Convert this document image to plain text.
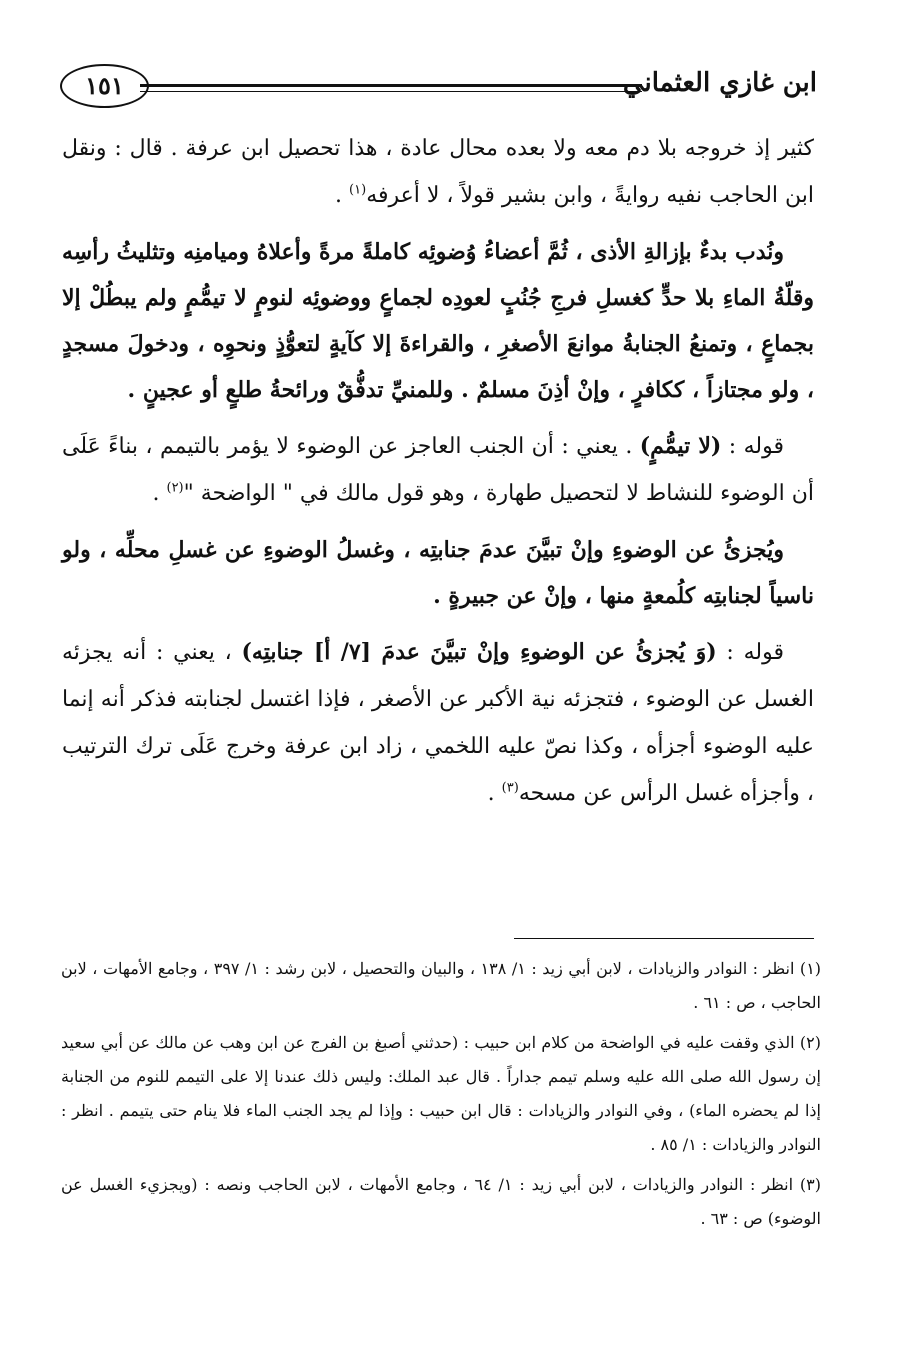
ابن غازي العثماني
١٥١

كثير إذ خروجه بلا دم معه ولا بعده محال عادة ، هذا تحصيل ابن عرفة . قال : ونقل ابن الحاجب نفيه روايةً ، وابن بشير قولاً ، لا أعرفه$^{(١)}$ .

ونُدب بدءٌ بإزالةِ الأذى ، ثُمَّ أعضاءُ وُضوئِه كاملةً مرةً وأعلاهُ وميامنِه وتثليثُ رأسِه وقلّةُ الماءِ بلا حدٍّ كغسلِ فرجِ جُنُبٍ لعودِه لجماعٍ ووضوئِه لنومٍ لا تيمُّمٍ ولم يبطُلْ إلا بجماعٍ ، وتمنعُ الجنابةُ موانعَ الأصغرِ ، والقراءةَ إلا كآيةٍ لتعوُّذٍ ونحوِه ، ودخولَ مسجدٍ ، ولو مجتازاً ، ككافرٍ ، وإنْ أذِنَ مسلمٌ . وللمنيِّ تدفُّقٌ ورائحةُ طلعٍ أو عجينٍ .

قوله : (لا تيمُّمٍ) . يعني : أن الجنب العاجز عن الوضوء لا يؤمر بالتيمم ، بناءً عَلَى أن الوضوء للنشاط لا لتحصيل طهارة ، وهو قول مالك في " الواضحة "$^{(٢)}$ .

ويُجزئُ عن الوضوءِ وإنْ تبيَّنَ عدمَ جنابتِه ، وغسلُ الوضوءِ عن غسلِ محلِّه ، ولو ناسياً لجنابتِه كلُمعةٍ منها ، وإنْ عن جبيرةٍ .

قوله : (وَ يُجزئُ عن الوضوءِ وإنْ تبيَّنَ عدمَ [٧/ أ] جنابتِه) ، يعني : أنه يجزئه الغسل عن الوضوء ، فتجزئه نية الأكبر عن الأصغر ، فإذا اغتسل لجنابته فذكر أنه إنما عليه الوضوء أجزأه ، وكذا نصّ عليه اللخمي ، زاد ابن عرفة وخرج عَلَى ترك الترتيب ، وأجزأه غسل الرأس عن مسحه$^{(٣)}$ .

(١) انظر : النوادر والزيادات ، لابن أبي زيد : ١/ ١٣٨ ، والبيان والتحصيل ، لابن رشد : ١/ ٣٩٧ ، وجامع الأمهات ، لابن الحاجب ، ص : ٦١ .

(٢) الذي وقفت عليه في الواضحة من كلام ابن حبيب : (حدثني أصبغ بن الفرج عن ابن وهب عن مالك عن أبي سعيد إن رسول الله صلى الله عليه وسلم تيمم جداراً . قال عبد الملك: وليس ذلك عندنا إلا على التيمم للنوم من الجنابة إذا لم يحضره الماء) ، وفي النوادر والزيادات : قال ابن حبيب : وإذا لم يجد الجنب الماء فلا ينام حتى يتيمم . انظر : النوادر والزيادات : ١/ ٨٥ .

(٣) انظر : النوادر والزيادات ، لابن أبي زيد : ١/ ٦٤ ، وجامع الأمهات ، لابن الحاجب ونصه : (ويجزيء الغسل عن الوضوء) ص : ٦٣ .
